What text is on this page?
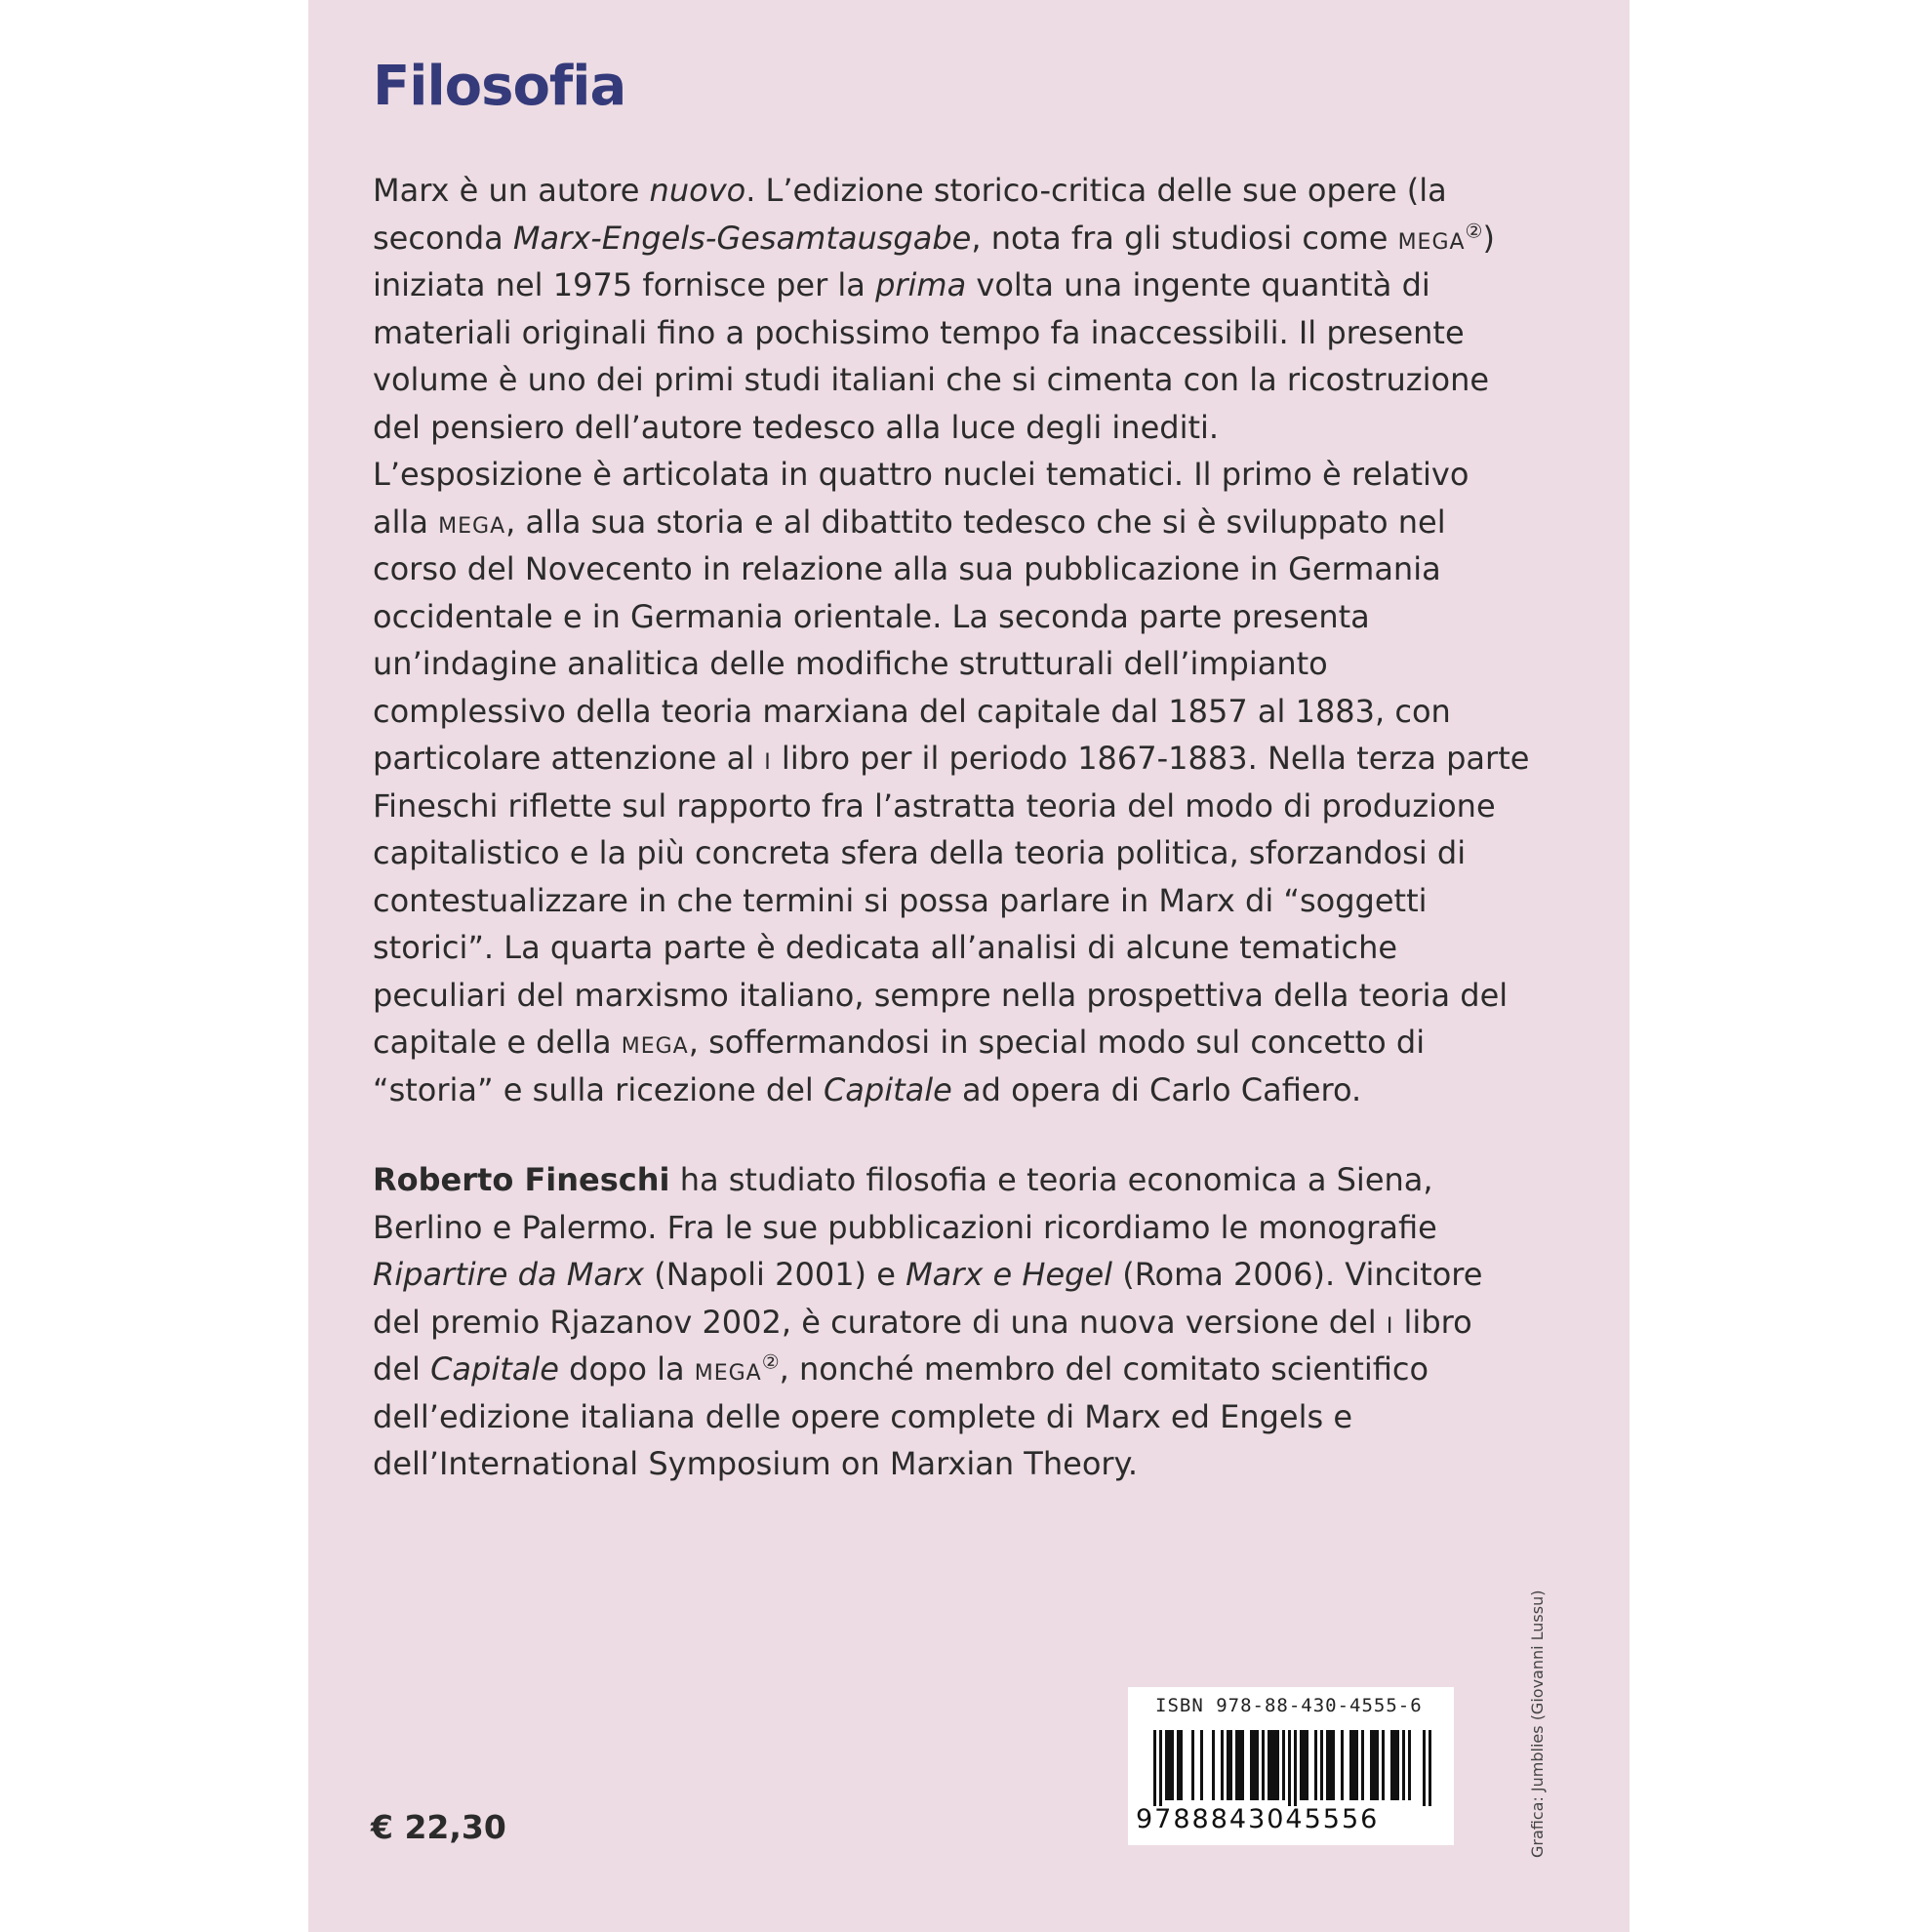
Filosofia
Marx è un autore nuovo. L’edizione storico-critica delle sue opere (la
seconda Marx-Engels-Gesamtausgabe, nota fra gli studiosi come mega②)
iniziata nel 1975 fornisce per la prima volta una ingente quantità di
materiali originali fino a pochissimo tempo fa inaccessibili. Il presente
volume è uno dei primi studi italiani che si cimenta con la ricostruzione
del pensiero dell’autore tedesco alla luce degli inediti.
L’esposizione è articolata in quattro nuclei tematici. Il primo è relativo
alla mega, alla sua storia e al dibattito tedesco che si è sviluppato nel
corso del Novecento in relazione alla sua pubblicazione in Germania
occidentale e in Germania orientale. La seconda parte presenta
un’indagine analitica delle modifiche strutturali dell’impianto
complessivo della teoria marxiana del capitale dal 1857 al 1883, con
particolare attenzione al i libro per il periodo 1867-1883. Nella terza parte
Fineschi riflette sul rapporto fra l’astratta teoria del modo di produzione
capitalistico e la più concreta sfera della teoria politica, sforzandosi di
contestualizzare in che termini si possa parlare in Marx di “soggetti
storici”. La quarta parte è dedicata all’analisi di alcune tematiche
peculiari del marxismo italiano, sempre nella prospettiva della teoria del
capitale e della mega, soffermandosi in special modo sul concetto di
“storia” e sulla ricezione del Capitale ad opera di Carlo Cafiero.
Roberto Fineschi ha studiato filosofia e teoria economica a Siena,
Berlino e Palermo. Fra le sue pubblicazioni ricordiamo le monografie
Ripartire da Marx (Napoli 2001) e Marx e Hegel (Roma 2006). Vincitore
del premio Rjazanov 2002, è curatore di una nuova versione del i libro
del Capitale dopo la mega②, nonché membro del comitato scientifico
dell’edizione italiana delle opere complete di Marx ed Engels e
dell’International Symposium on Marxian Theory.
€ 22,30
ISBN 978-88-430-4555-6
9788843045556	Grafica: Jumblies (Giovanni Lussu)
